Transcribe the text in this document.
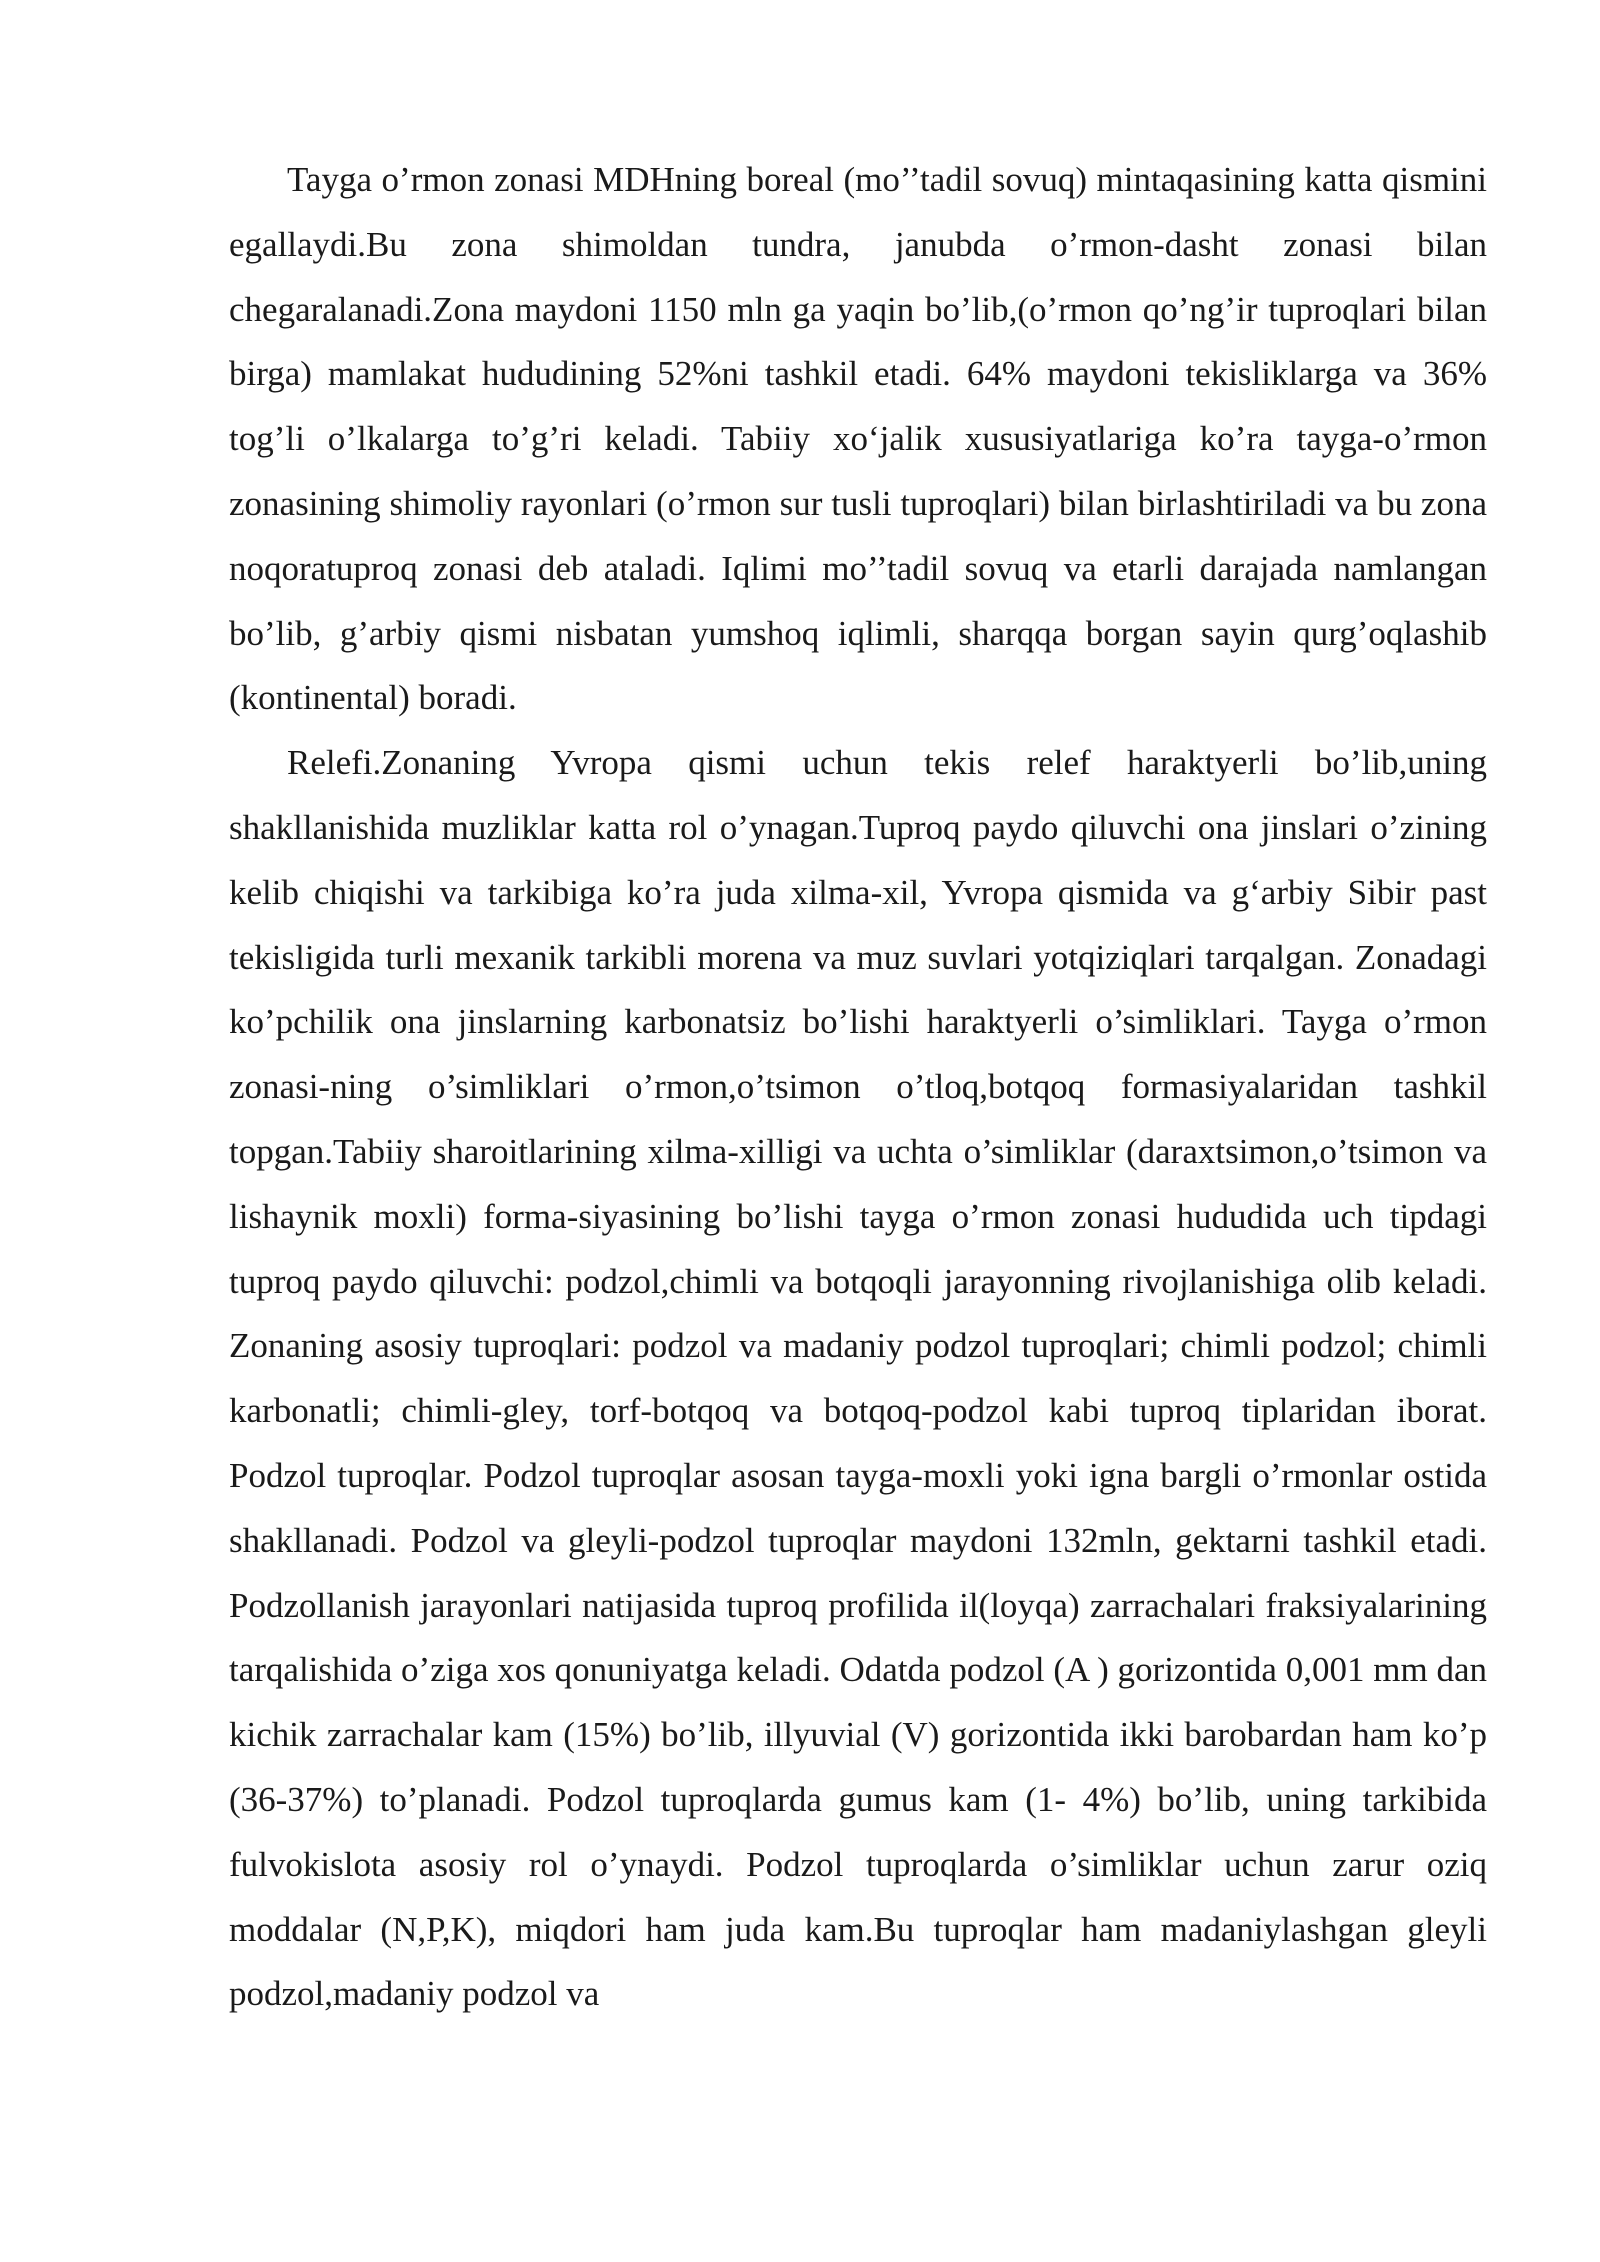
Tayga o’rmon zonasi MDHning boreal (mo’’tadil sovuq) mintaqasining katta qismini egallaydi.Bu zona shimoldan tundra, janubda o’rmon-dasht zonasi bilan chegaralanadi.Zona maydoni 1150 mln ga yaqin bo’lib,(o’rmon qo’ng’ir tuproqlari bilan birga) mamlakat hududining 52%ni tashkil etadi. 64% maydoni tekisliklarga va 36% tog’li o’lkalarga to’g’ri keladi. Tabiiy xo‘jalik xususiyatlariga ko’ra tayga-o’rmon zonasining shimoliy rayonlari (o’rmon sur tusli tuproqlari) bilan birlashtiriladi va bu zona noqoratuproq zonasi deb ataladi. Iqlimi mo’’tadil sovuq va etarli darajada namlangan bo’lib, g’arbiy qismi nisbatan yumshoq iqlimli, sharqqa borgan sayin qurg’oqlashib (kontinental) boradi.

Relefi.Zonaning Yvropa qismi uchun tekis relef haraktyerli bo’lib,uning shakllanishida muzliklar katta rol o’ynagan.Tuproq paydo qiluvchi ona jinslari o’zining kelib chiqishi va tarkibiga ko’ra juda xilma-xil, Yvropa qismida va g‘arbiy Sibir past tekisligida turli mexanik tarkibli morena va muz suvlari yotqiziqlari tarqalgan. Zonadagi ko’pchilik ona jinslarning karbonatsiz bo’lishi haraktyerli o’simliklari. Tayga o’rmon zonasi-ning o’simliklari o’rmon,o’tsimon o’tloq,botqoq formasiyalaridan tashkil topgan.Tabiiy sharoitlarining xilma-xilligi va uchta o’simliklar (daraxtsimon,o’tsimon va lishaynik moxli) forma-siyasining bo’lishi tayga o’rmon zonasi hududida uch tipdagi tuproq paydo qiluvchi: podzol,chimli va botqoqli jarayonning rivojlanishiga olib keladi. Zonaning asosiy tuproqlari: podzol va madaniy podzol tuproqlari; chimli podzol; chimli karbonatli; chimli-gley, torf-botqoq va botqoq-podzol kabi tuproq tiplaridan iborat. Podzol tuproqlar. Podzol tuproqlar asosan tayga-moxli yoki igna bargli o’rmonlar ostida shakllanadi. Podzol va gleyli-podzol tuproqlar maydoni 132mln, gektarni tashkil etadi. Podzollanish jarayonlari natijasida tuproq profilida il(loyqa) zarrachalari fraksiyalarining tarqalishida o’ziga xos qonuniyatga keladi. Odatda podzol (A ) gorizontida 0,001 mm dan kichik zarrachalar kam (15%) bo’lib, illyuvial (V) gorizontida ikki barobardan ham ko’p (36-37%) to’planadi. Podzol tuproqlarda gumus kam (1- 4%) bo’lib, uning tarkibida fulvokislota asosiy rol o’ynaydi. Podzol tuproqlarda o’simliklar uchun zarur oziq moddalar (N,P,K), miqdori ham juda kam.Bu tuproqlar ham madaniylashgan gleyli podzol,madaniy podzol va
